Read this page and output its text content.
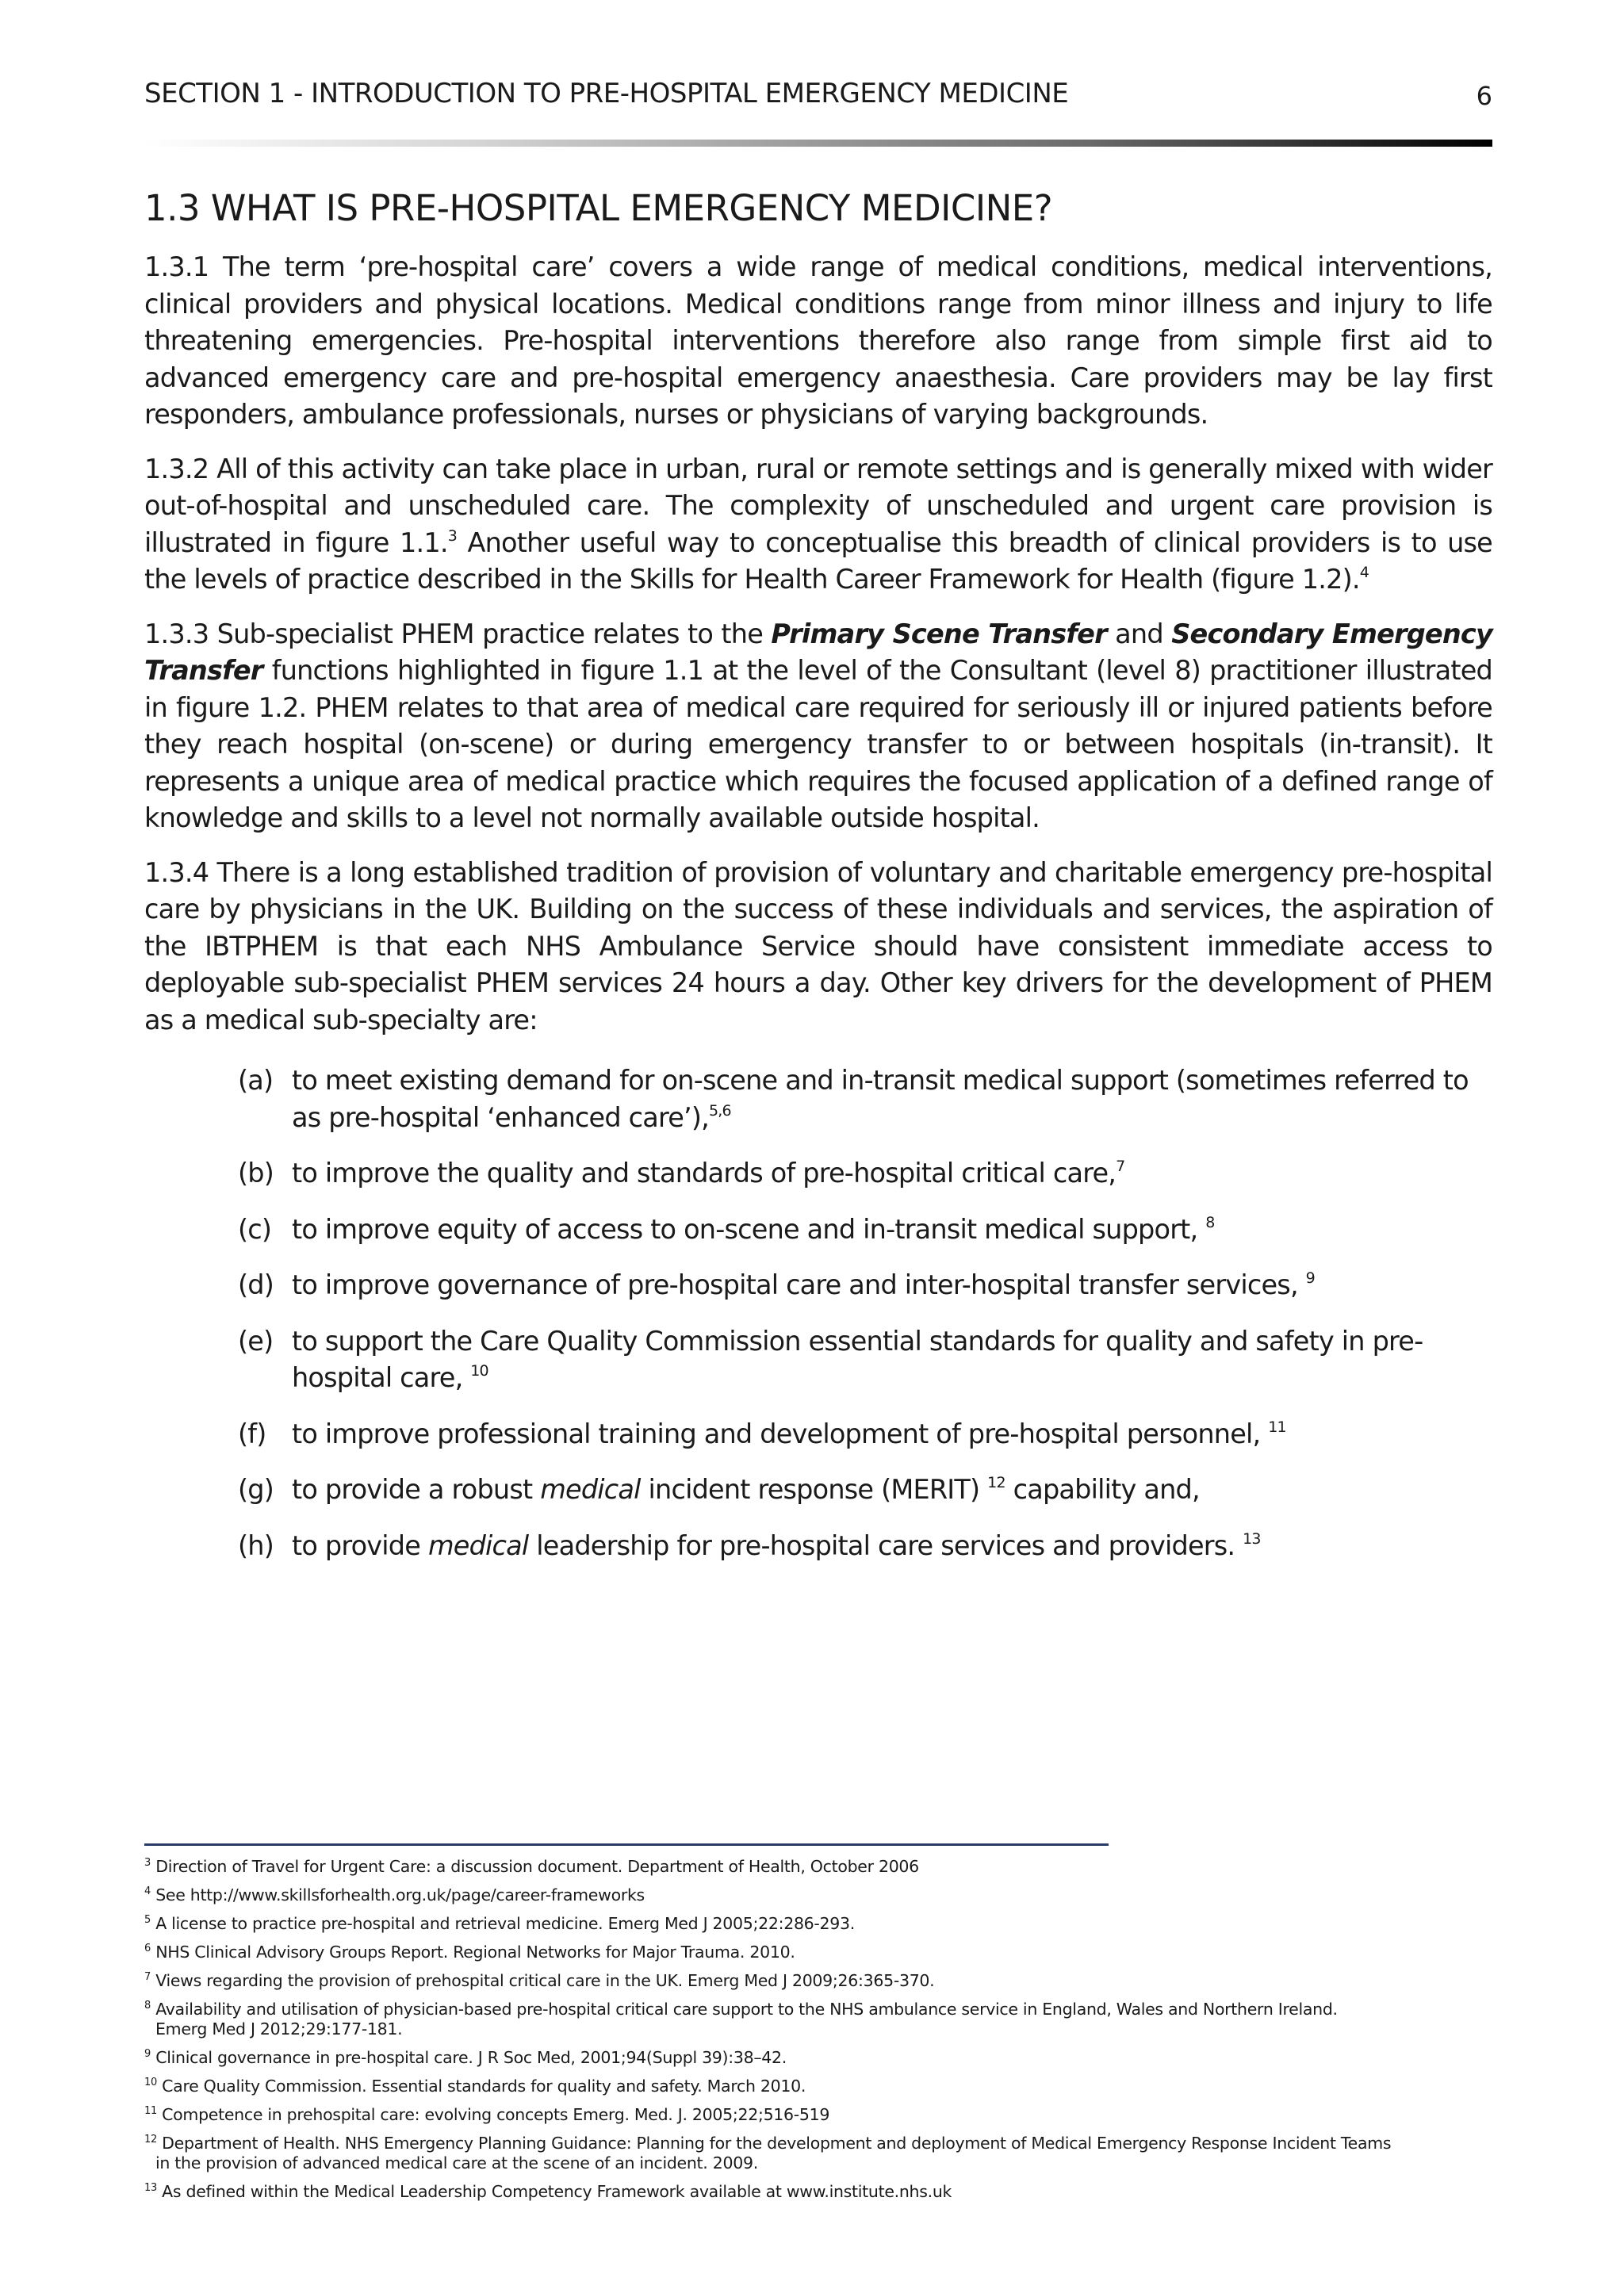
SECTION 1 - INTRODUCTION TO PRE-HOSPITAL EMERGENCY MEDICINE	6
1.3 WHAT IS PRE-HOSPITAL EMERGENCY MEDICINE?

1.3.1 The term ‘pre-hospital care’ covers a wide range of medical conditions, medical interventions, clinical providers and physical locations. Medical conditions range from minor illness and injury to life threatening emergencies. Pre-hospital interventions therefore also range from simple first aid to advanced emergency care and pre-hospital emergency anaesthesia. Care providers may be lay first responders, ambulance professionals, nurses or physicians of varying backgrounds.

1.3.2 All of this activity can take place in urban, rural or remote settings and is generally mixed with wider out-of-hospital and unscheduled care. The complexity of unscheduled and urgent care provision is illustrated in figure 1.1.$^3$ Another useful way to conceptualise this breadth of clinical providers is to use the levels of practice described in the Skills for Health Career Framework for Health (figure 1.2).$^4$

1.3.3 Sub-specialist PHEM practice relates to the Primary Scene Transfer and Secondary Emergency Transfer functions highlighted in figure 1.1 at the level of the Consultant (level 8) practitioner illustrated in figure 1.2. PHEM relates to that area of medical care required for seriously ill or injured patients before they reach hospital (on-scene) or during emergency transfer to or between hospitals (in-transit). It represents a unique area of medical practice which requires the focused application of a defined range of knowledge and skills to a level not normally available outside hospital.

1.3.4 There is a long established tradition of provision of voluntary and charitable emergency pre-hospital care by physicians in the UK. Building on the success of these individuals and services, the aspiration of the IBTPHEM is that each NHS Ambulance Service should have consistent immediate access to deployable sub-specialist PHEM services 24 hours a day. Other key drivers for the development of PHEM as a medical sub-specialty are:

(a) to meet existing demand for on-scene and in-transit medical support (sometimes referred to as pre-hospital ‘enhanced care’),$^{5,6}$
(b) to improve the quality and standards of pre-hospital critical care,$^7$
(c) to improve equity of access to on-scene and in-transit medical support, $^8$
(d) to improve governance of pre-hospital care and inter-hospital transfer services, $^9$
(e) to support the Care Quality Commission essential standards for quality and safety in pre-hospital care, $^{10}$
(f) to improve professional training and development of pre-hospital personnel, $^{11}$
(g) to provide a robust medical incident response (MERIT) $^{12}$ capability and,
(h) to provide medical leadership for pre-hospital care services and providers. $^{13}$
$^3$ Direction of Travel for Urgent Care: a discussion document. Department of Health, October 2006
$^4$ See http://www.skillsforhealth.org.uk/page/career-frameworks
$^5$ A license to practice pre-hospital and retrieval medicine. Emerg Med J 2005;22:286-293.
$^6$ NHS Clinical Advisory Groups Report. Regional Networks for Major Trauma. 2010.
$^7$ Views regarding the provision of prehospital critical care in the UK. Emerg Med J 2009;26:365-370.
$^8$ Availability and utilisation of physician-based pre-hospital critical care support to the NHS ambulance service in England, Wales and Northern Ireland.
Emerg Med J 2012;29:177-181.
$^9$ Clinical governance in pre-hospital care. J R Soc Med, 2001;94(Suppl 39):38–42.
$^{10}$ Care Quality Commission. Essential standards for quality and safety. March 2010.
$^{11}$ Competence in prehospital care: evolving concepts Emerg. Med. J. 2005;22;516-519
$^{12}$ Department of Health. NHS Emergency Planning Guidance: Planning for the development and deployment of Medical Emergency Response Incident Teams
in the provision of advanced medical care at the scene of an incident. 2009.
$^{13}$ As defined within the Medical Leadership Competency Framework available at www.institute.nhs.uk
